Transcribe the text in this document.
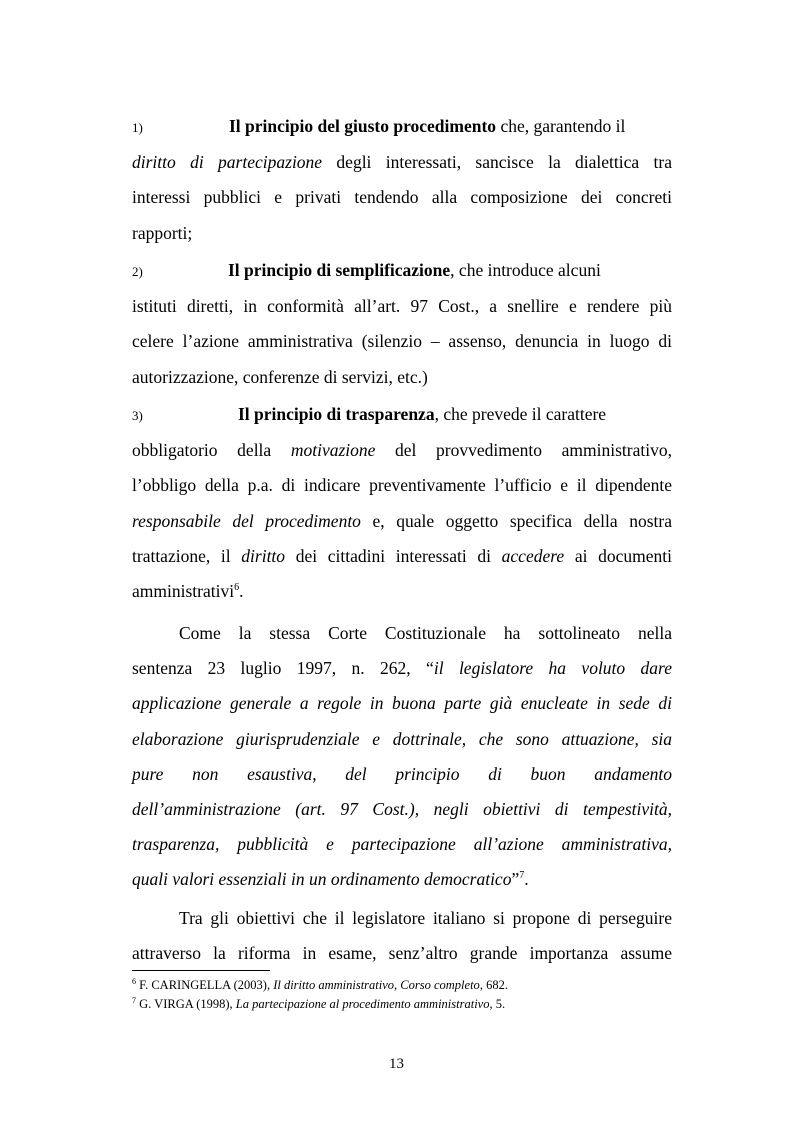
1)	Il principio del giusto procedimento che, garantendo il
diritto di partecipazione degli interessati, sancisce la dialettica tra
interessi pubblici e privati tendendo alla composizione dei concreti
rapporti;
2)	Il principio di semplificazione, che introduce alcuni
istituti diretti, in conformità all’art. 97 Cost., a snellire e rendere più
celere l’azione amministrativa (silenzio – assenso, denuncia in luogo di
autorizzazione, conferenze di servizi, etc.)
3)	Il principio di trasparenza, che prevede il carattere
obbligatorio della motivazione del provvedimento amministrativo,
l’obbligo della p.a. di indicare preventivamente l’ufficio e il dipendente
responsabile del procedimento e, quale oggetto specifica della nostra
trattazione, il diritto dei cittadini interessati di accedere ai documenti
amministrativi$^6$.
Come la stessa Corte Costituzionale ha sottolineato nella
sentenza 23 luglio 1997, n. 262, “il legislatore ha voluto dare
applicazione generale a regole in buona parte già enucleate in sede di
elaborazione giurisprudenziale e dottrinale, che sono attuazione, sia
pure non esaustiva, del principio di buon andamento
dell’amministrazione (art. 97 Cost.), negli obiettivi di tempestività,
trasparenza, pubblicità e partecipazione all’azione amministrativa,
quali valori essenziali in un ordinamento democratico”$^7$.
Tra gli obiettivi che il legislatore italiano si propone di perseguire
attraverso la riforma in esame, senz’altro grande importanza assume
$^6$ F. CARINGELLA (2003), Il diritto amministrativo, Corso completo, 682.
$^7$ G. VIRGA (1998), La partecipazione al procedimento amministrativo, 5.
13
